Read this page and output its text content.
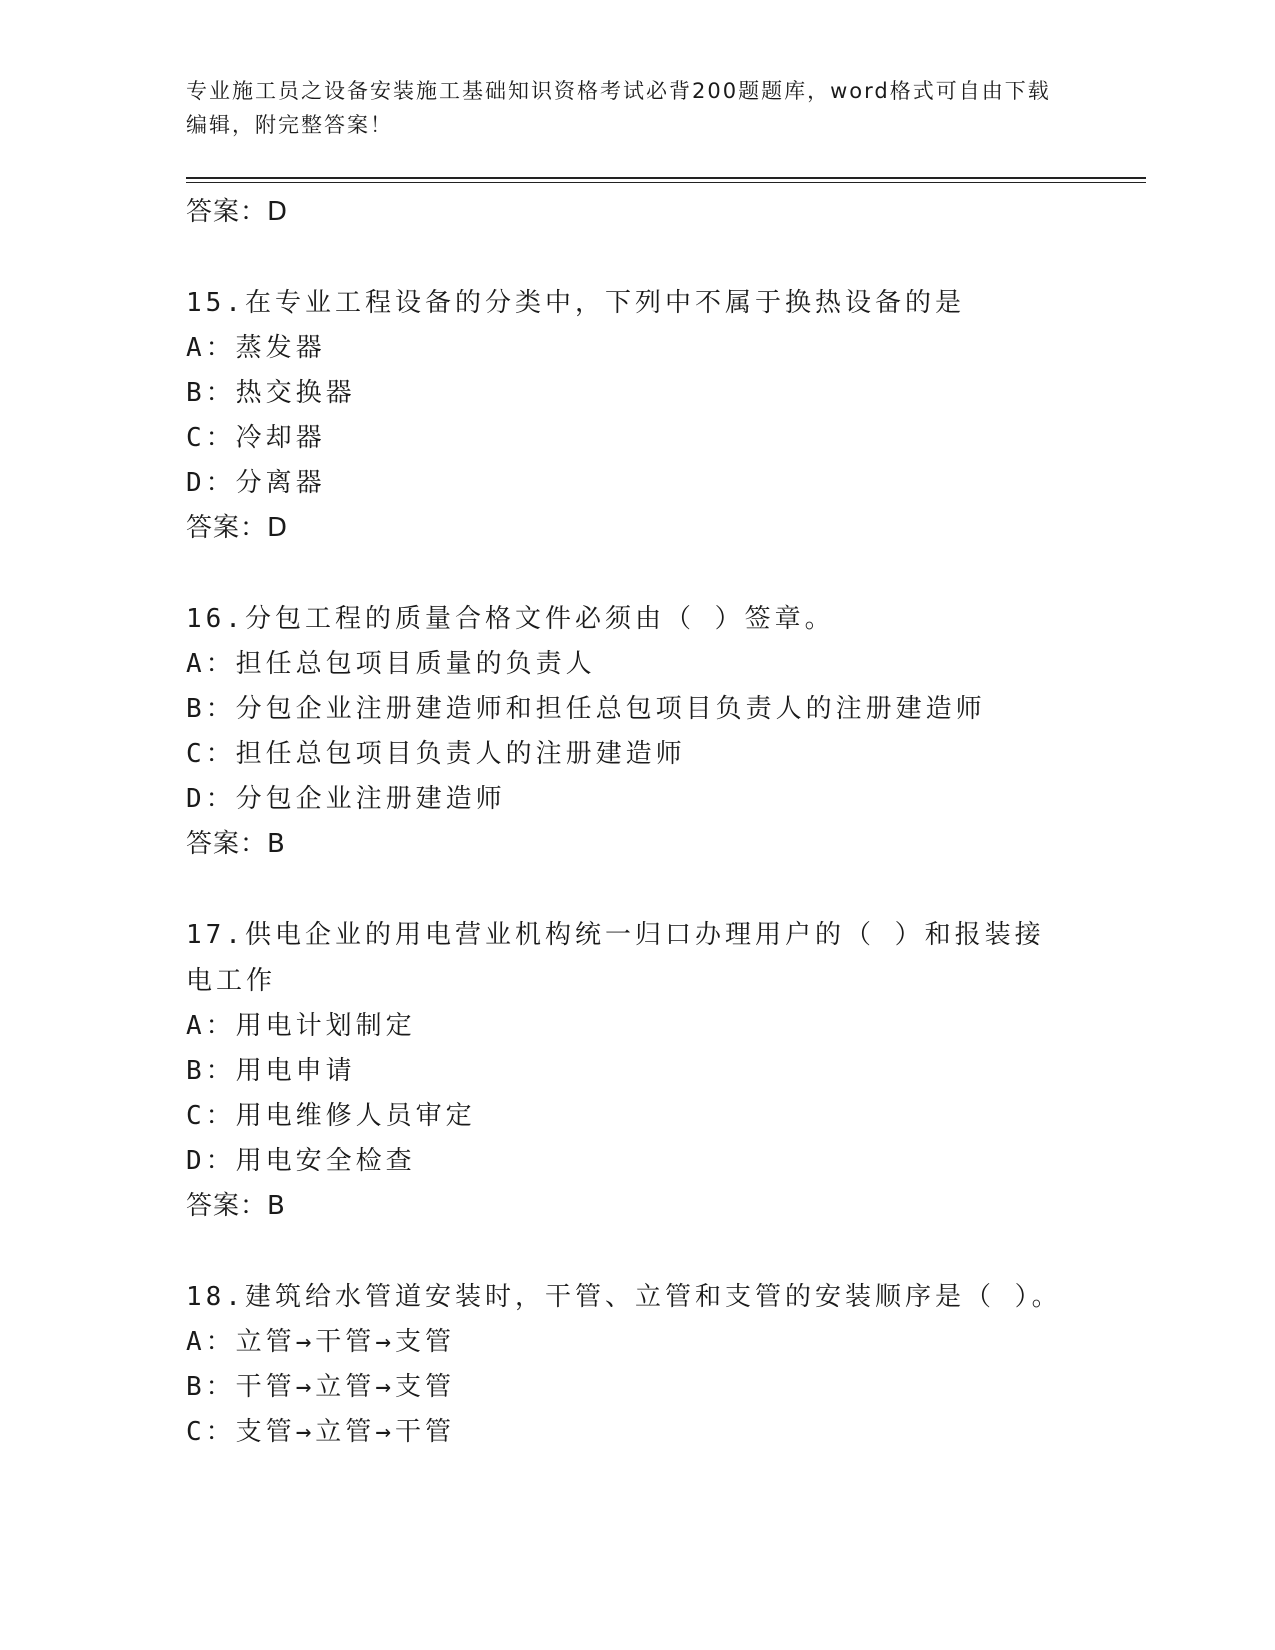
专业施工员之设备安装施工基础知识资格考试必背200题题库，word格式可自由下载编辑，附完整答案！
答案：D
15.在专业工程设备的分类中，下列中不属于换热设备的是
A：蒸发器
B：热交换器
C：冷却器
D：分离器
答案：D
16.分包工程的质量合格文件必须由（ ）签章。
A：担任总包项目质量的负责人
B：分包企业注册建造师和担任总包项目负责人的注册建造师
C：担任总包项目负责人的注册建造师
D：分包企业注册建造师
答案：B
17.供电企业的用电营业机构统一归口办理用户的（ ）和报装接电工作
A：用电计划制定
B：用电申请
C：用电维修人员审定
D：用电安全检查
答案：B
18.建筑给水管道安装时，干管、立管和支管的安装顺序是（ ）。
A：立管→干管→支管
B：干管→立管→支管
C：支管→立管→干管
